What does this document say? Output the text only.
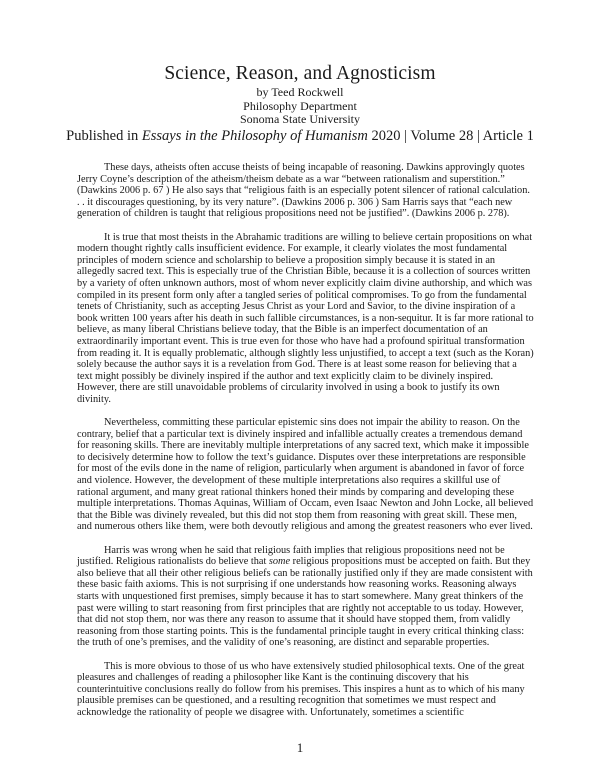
Science, Reason, and Agnosticism

by Teed Rockwell

Philosophy Department

Sonoma State University

Published in Essays in the Philosophy of Humanism 2020 | Volume 28 | Article 1

These days, atheists often accuse theists of being incapable of reasoning. Dawkins approvingly quotes Jerry Coyne’s description of the atheism/theism debate as a war “between rationalism and superstition.” (Dawkins 2006 p. 67 ) He also says that “religious faith is an especially potent silencer of rational calculation. . . it discourages questioning, by its very nature”. (Dawkins 2006 p. 306 ) Sam Harris says that “each new generation of children is taught that religious propositions need not be justified”. (Dawkins 2006 p. 278).

It is true that most theists in the Abrahamic traditions are willing to believe certain propositions on what modern thought rightly calls insufficient evidence. For example, it clearly violates the most fundamental principles of modern science and scholarship to believe a proposition simply because it is stated in an allegedly sacred text. This is especially true of the Christian Bible, because it is a collection of sources written by a variety of often unknown authors, most of whom never explicitly claim divine authorship, and which was compiled in its present form only after a tangled series of political compromises. To go from the fundamental tenets of Christianity, such as accepting Jesus Christ as your Lord and Savior, to the divine inspiration of a book written 100 years after his death in such fallible circumstances, is a non-sequitur. It is far more rational to believe, as many liberal Christians believe today, that the Bible is an imperfect documentation of an extraordinarily important event. This is true even for those who have had a profound spiritual transformation from reading it. It is equally problematic, although slightly less unjustified, to accept a text (such as the Koran) solely because the author says it is a revelation from God. There is at least some reason for believing that a text might possibly be divinely inspired if the author and text explicitly claim to be divinely inspired. However, there are still unavoidable problems of circularity involved in using a book to justify its own divinity.

Nevertheless, committing these particular epistemic sins does not impair the ability to reason. On the contrary, belief that a particular text is divinely inspired and infallible actually creates a tremendous demand for reasoning skills. There are inevitably multiple interpretations of any sacred text, which make it impossible to decisively determine how to follow the text’s guidance. Disputes over these interpretations are responsible for most of the evils done in the name of religion, particularly when argument is abandoned in favor of force and violence. However, the development of these multiple interpretations also requires a skillful use of rational argument, and many great rational thinkers honed their minds by comparing and developing these multiple interpretations. Thomas Aquinas, William of Occam, even Isaac Newton and John Locke, all believed that the Bible was divinely revealed, but this did not stop them from reasoning with great skill. These men, and numerous others like them, were both devoutly religious and among the greatest reasoners who ever lived.

Harris was wrong when he said that religious faith implies that religious propositions need not be justified. Religious rationalists do believe that some religious propositions must be accepted on faith. But they also believe that all their other religious beliefs can be rationally justified only if they are made consistent with these basic faith axioms. This is not surprising if one understands how reasoning works. Reasoning always starts with unquestioned first premises, simply because it has to start somewhere. Many great thinkers of the past were willing to start reasoning from first principles that are rightly not acceptable to us today. However, that did not stop them, nor was there any reason to assume that it should have stopped them, from validly reasoning from those starting points. This is the fundamental principle taught in every critical thinking class: the truth of one’s premises, and the validity of one’s reasoning, are distinct and separable properties.

This is more obvious to those of us who have extensively studied philosophical texts. One of the great pleasures and challenges of reading a philosopher like Kant is the continuing discovery that his counterintuitive conclusions really do follow from his premises. This inspires a hunt as to which of his many plausible premises can be questioned, and a resulting recognition that sometimes we must respect and acknowledge the rationality of people we disagree with. Unfortunately, sometimes a scientific

1
